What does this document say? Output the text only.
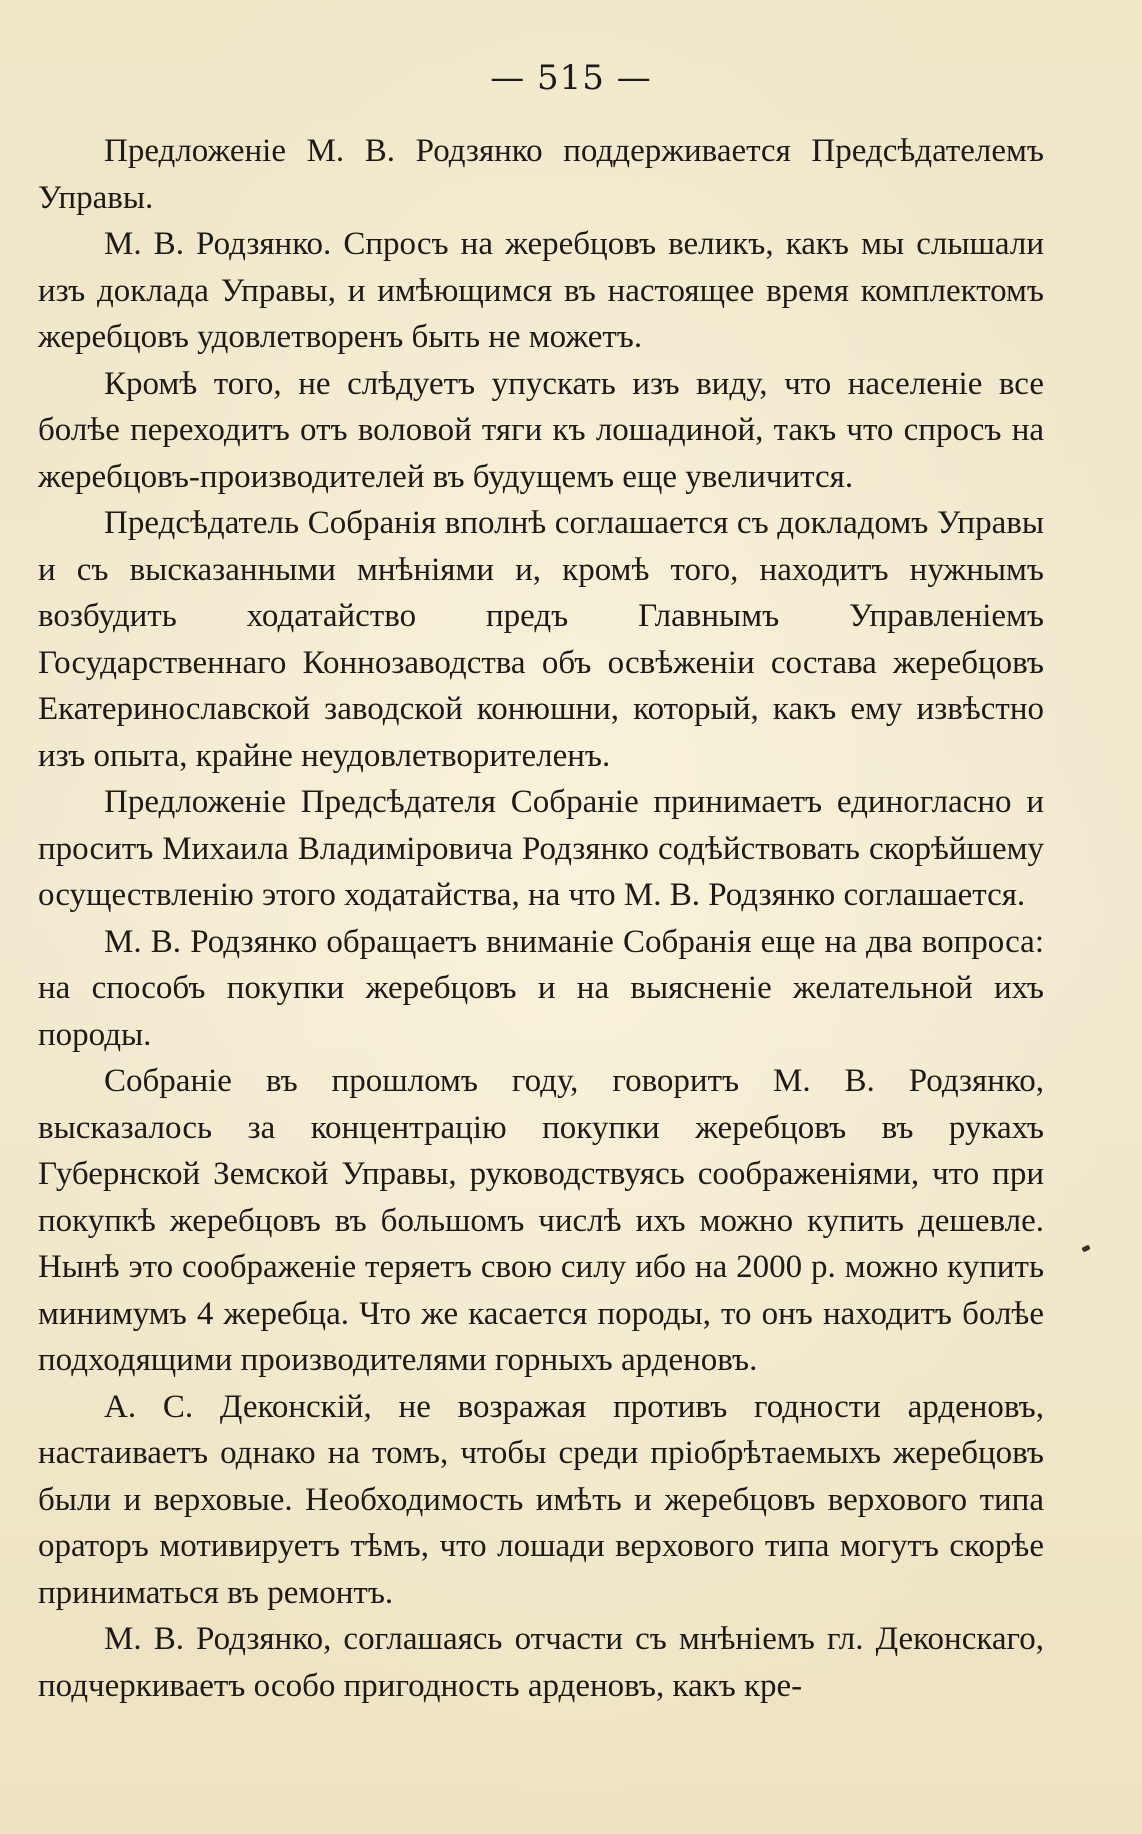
— 515 —

Предложеніе М. В. Родзянко поддерживается Предсѣдателемъ Управы.

М. В. Родзянко. Спросъ на жеребцовъ великъ, какъ мы слышали изъ доклада Управы, и имѣющимся въ настоящее время комплектомъ жеребцовъ удовлетворенъ быть не можетъ.

Кромѣ того, не слѣдуетъ упускать изъ виду, что населеніе все болѣе переходитъ отъ воловой тяги къ лошадиной, такъ что спросъ на жеребцовъ-производителей въ будущемъ еще увеличится.

Предсѣдатель Собранія вполнѣ соглашается съ докладомъ Управы и съ высказанными мнѣніями и, кромѣ того, находитъ нужнымъ возбудить ходатайство предъ Главнымъ Управленіемъ Государственнаго Коннозаводства объ освѣженіи состава жеребцовъ Екатеринославской заводской конюшни, который, какъ ему извѣстно изъ опыта, крайне неудовлетворителенъ.

Предложеніе Предсѣдателя Собраніе принимаетъ единогласно и проситъ Михаила Владиміровича Родзянко содѣйствовать скорѣйшему осуществленію этого ходатайства, на что М. В. Родзянко соглашается.

М. В. Родзянко обращаетъ вниманіе Собранія еще на два вопроса: на способъ покупки жеребцовъ и на выясненіе желательной ихъ породы.

Собраніе въ прошломъ году, говоритъ М. В. Родзянко, высказалось за концентрацію покупки жеребцовъ въ рукахъ Губернской Земской Управы, руководствуясь соображеніями, что при покупкѣ жеребцовъ въ большомъ числѣ ихъ можно купить дешевле. Нынѣ это соображеніе теряетъ свою силу ибо на 2000 р. можно купить минимумъ 4 жеребца. Что же касается породы, то онъ находитъ болѣе подходящими производителями горныхъ арденовъ.

А. С. Деконскій, не возражая противъ годности арденовъ, настаиваетъ однако на томъ, чтобы среди пріобрѣтаемыхъ жеребцовъ были и верховые. Необходимость имѣть и жеребцовъ верхового типа ораторъ мотивируетъ тѣмъ, что лошади верхового типа могутъ скорѣе приниматься въ ремонтъ.

М. В. Родзянко, соглашаясь отчасти съ мнѣніемъ гл. Деконскаго, подчеркиваетъ особо пригодность арденовъ, какъ кре-
